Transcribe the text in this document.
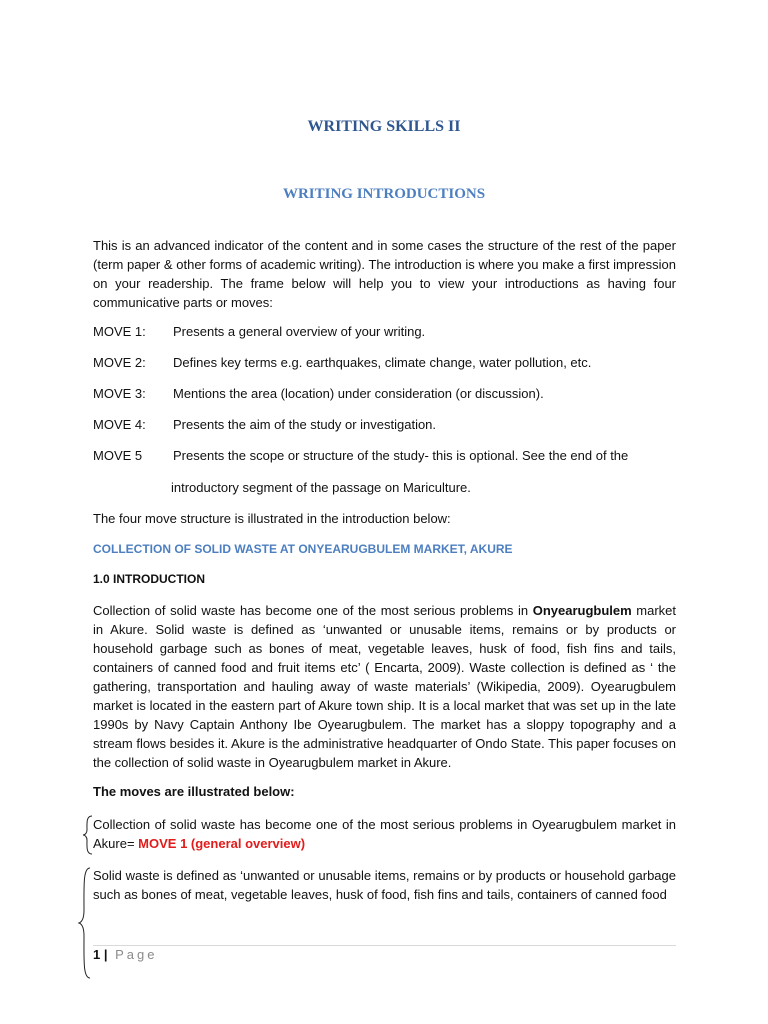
WRITING SKILLS II
WRITING INTRODUCTIONS

This is an advanced indicator of the content and in some cases the structure of the rest of the paper (term paper & other forms of academic writing). The introduction is where you make a first impression on your readership. The frame below will help you to view your introductions as having four communicative parts or moves:

MOVE 1: Presents a general overview of your writing.
MOVE 2: Defines key terms e.g. earthquakes, climate change, water pollution, etc.
MOVE 3: Mentions the area (location) under consideration (or discussion).
MOVE 4: Presents the aim of the study or investigation.
MOVE 5 Presents the scope or structure of the study- this is optional. See the end of the
introductory segment of the passage on Mariculture.

The four move structure is illustrated in the introduction below:

COLLECTION OF SOLID WASTE AT ONYEARUGBULEM MARKET, AKURE
1.0 INTRODUCTION

Collection of solid waste has become one of the most serious problems in Onyearugbulem market in Akure. Solid waste is defined as ‘unwanted or unusable items, remains or by products or household garbage such as bones of meat, vegetable leaves, husk of food, fish fins and tails, containers of canned food and fruit items etc’ ( Encarta, 2009). Waste collection is defined as ‘ the gathering, transportation and hauling away of waste materials’ (Wikipedia, 2009). Oyearugbulem market is located in the eastern part of Akure town ship. It is a local market that was set up in the late 1990s by Navy Captain Anthony Ibe Oyearugbulem. The market has a sloppy topography and a stream flows besides it. Akure is the administrative headquarter of Ondo State. This paper focuses on the collection of solid waste in Oyearugbulem market in Akure.

The moves are illustrated below:

Collection of solid waste has become one of the most serious problems in Oyearugbulem market in Akure= MOVE 1 (general overview)

Solid waste is defined as ‘unwanted or unusable items, remains or by products or household garbage such as bones of meat, vegetable leaves, husk of food, fish fins and tails, containers of canned food

1 | Page
